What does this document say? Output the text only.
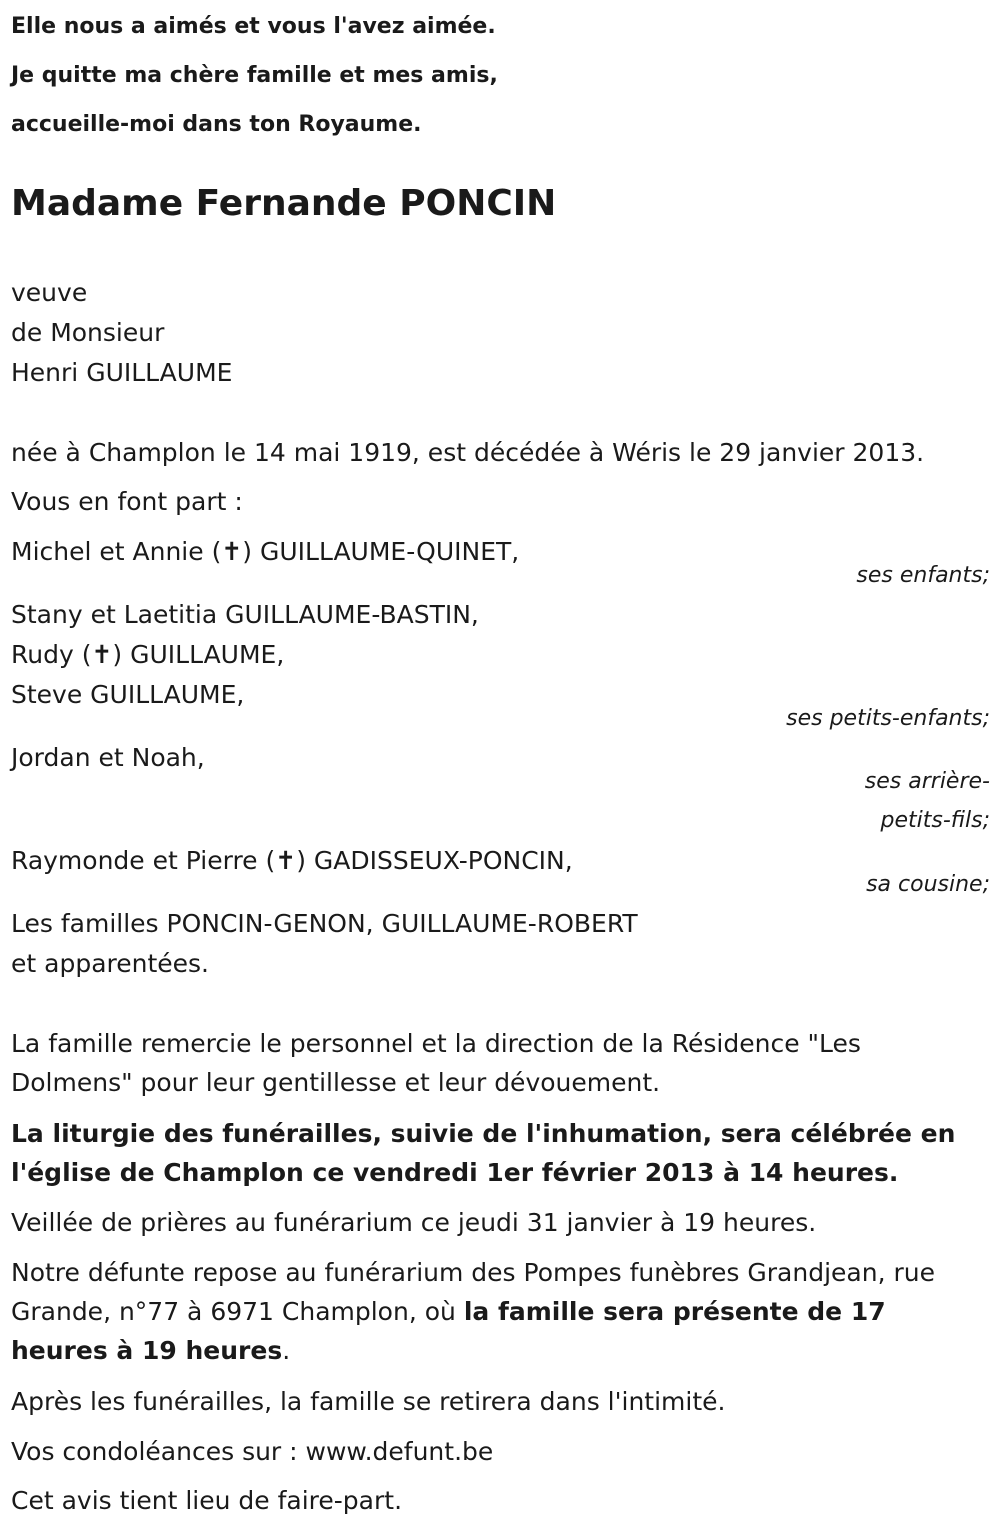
Elle nous a aimés et vous l'avez aimée.
Je quitte ma chère famille et mes amis,
accueille-moi dans ton Royaume.
Madame Fernande PONCIN
veuve
de Monsieur
Henri GUILLAUME
née à Champlon le 14 mai 1919, est décédée à Wéris le 29 janvier 2013.
Vous en font part :
Michel et Annie (✝) GUILLAUME-QUINET,
ses enfants;
Stany et Laetitia GUILLAUME-BASTIN,
Rudy (✝) GUILLAUME,
Steve GUILLAUME,
ses petits-enfants;
Jordan et Noah,
ses arrière-
petits-fils;
Raymonde et Pierre (✝) GADISSEUX-PONCIN,
sa cousine;
Les familles PONCIN-GENON, GUILLAUME-ROBERT
et apparentées.
La famille remercie le personnel et la direction de la Résidence "Les Dolmens" pour leur gentillesse et leur dévouement.
La liturgie des funérailles, suivie de l'inhumation, sera célébrée en l'église de Champlon ce vendredi 1er février 2013 à 14 heures.
Veillée de prières au funérarium ce jeudi 31 janvier à 19 heures.
Notre défunte repose au funérarium des Pompes funèbres Grandjean, rue Grande, n°77 à 6971 Champlon, où la famille sera présente de 17 heures à 19 heures.
Après les funérailles, la famille se retirera dans l'intimité.
Vos condoléances sur : www.defunt.be
Cet avis tient lieu de faire-part.
